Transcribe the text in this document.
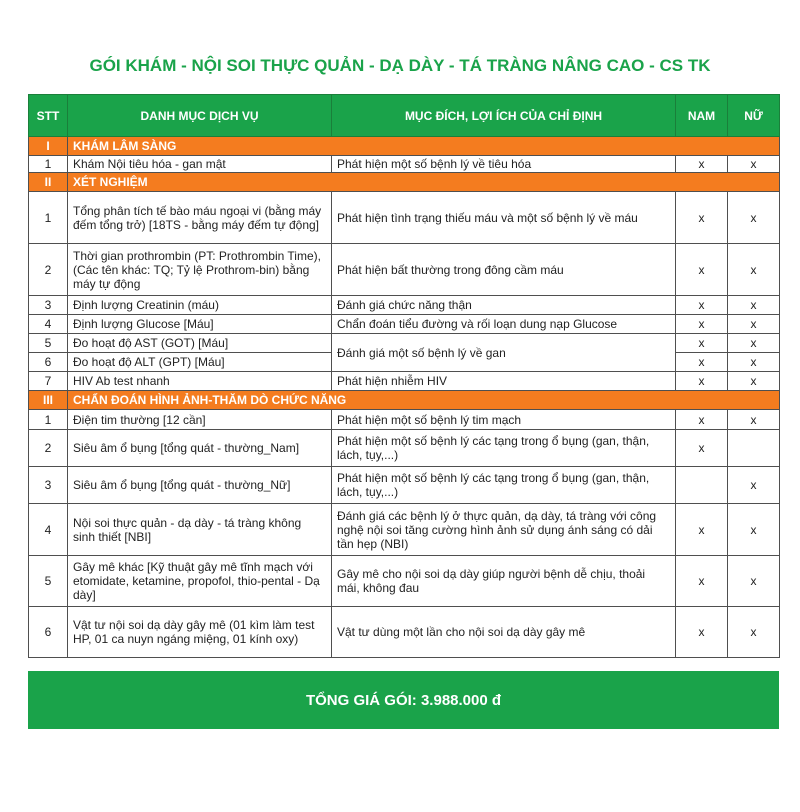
GÓI KHÁM - NỘI SOI THỰC QUẢN - DẠ DÀY - TÁ TRÀNG NÂNG CAO - CS TK
STT	DANH MỤC DỊCH VỤ	MỤC ĐÍCH, LỢI ÍCH CỦA CHỈ ĐỊNH	NAM	NỮ
I	KHÁM LÂM SÀNG			
1	Khám Nội tiêu hóa - gan mật	Phát hiện một số bệnh lý về tiêu hóa	x	x
II	XÉT NGHIỆM			
1	Tổng phân tích tế bào máu ngoại vi (bằng máy đếm tổng trở) [18TS - bằng máy đếm tự động]	Phát hiện tình trạng thiếu máu và một số bệnh lý về máu	x	x
2	Thời gian prothrombin (PT: Prothrombin Time), (Các tên khác: TQ; Tỷ lệ Prothrom-bin) bằng máy tự động	Phát hiện bất thường trong đông cầm máu	x	x
3	Định lượng Creatinin (máu)	Đánh giá chức năng thận	x	x
4	Định lượng Glucose [Máu]	Chẩn đoán tiểu đường và rối loạn dung nạp Glucose	x	x
5	Đo hoạt độ AST (GOT) [Máu]	Đánh giá một số bệnh lý về gan	x	x
6	Đo hoạt độ ALT (GPT) [Máu]		x	x
7	HIV Ab test nhanh	Phát hiện nhiễm HIV	x	x
III	CHẨN ĐOÁN HÌNH ẢNH-THĂM DÒ CHỨC NĂNG			
1	Điện tim thường [12 cần]	Phát hiện một số bệnh lý tim mạch	x	x
2	Siêu âm ổ bụng [tổng quát - thường_Nam]	Phát hiện một số bệnh lý các tạng trong ổ bụng (gan, thận, lách, tụy,...)	x	
3	Siêu âm ổ bụng [tổng quát - thường_Nữ]	Phát hiện một số bệnh lý các tạng trong ổ bụng (gan, thận, lách, tụy,...)		x
4	Nội soi thực quản - dạ dày - tá tràng không sinh thiết [NBI]	Đánh giá các bệnh lý ở thực quản, dạ dày, tá tràng với công nghệ nội soi tăng cường hình ảnh sử dụng ánh sáng có dải tần hẹp (NBI)	x	x
5	Gây mê khác [Kỹ thuật gây mê tĩnh mạch với etomidate, ketamine, propofol, thio-pental - Dạ dày]	Gây mê cho nội soi dạ dày giúp người bệnh dễ chịu, thoải mái, không đau	x	x
6	Vật tư nội soi dạ dày gây mê (01 kìm làm test HP, 01 ca nuyn ngáng miệng, 01 kính oxy)	Vật tư dùng một lần cho nội soi dạ dày gây mê	x	x
TỔNG GIÁ GÓI: 3.988.000 đ
